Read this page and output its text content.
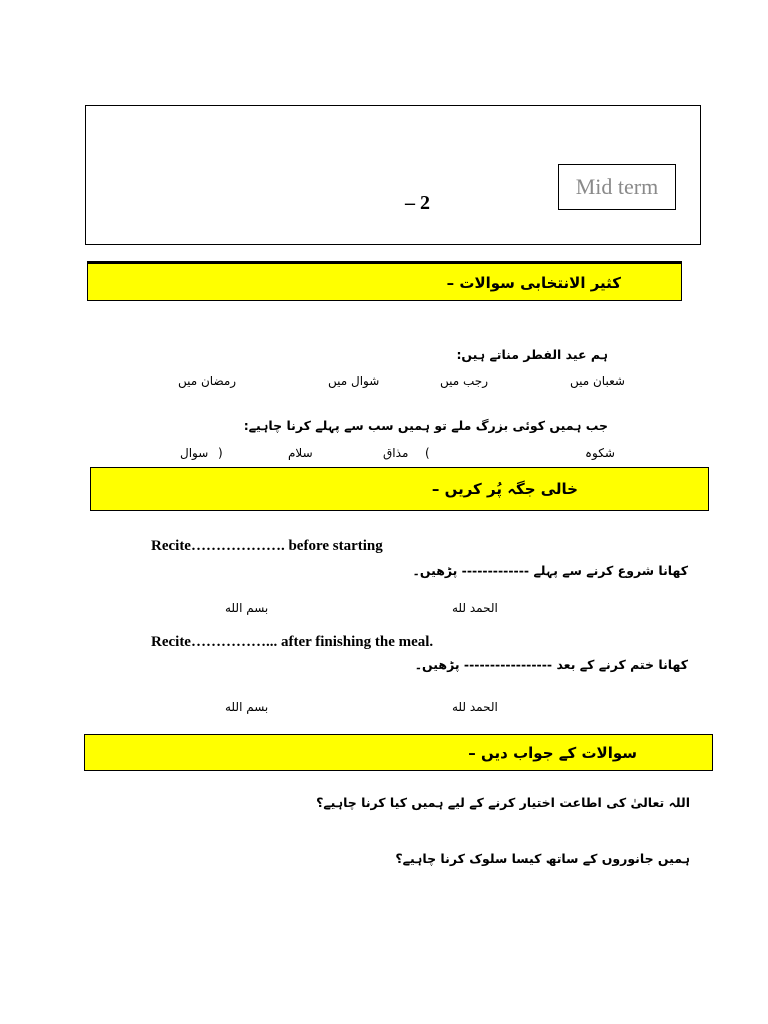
Mid term
– 2
کثیر الانتخابی سوالات –
ہم عید الفطر مناتے ہیں:
شعبان میں
رجب میں
شوال میں
رمضان میں
جب ہمیں کوئی بزرگ ملے تو ہمیں سب سے پہلے کرنا چاہیے:
شکوہ
)
مذاق
سلام
(
سوال
خالی جگہ پُر کریں –
Recite………………. before starting
کھانا شروع کرنے سے پہلے ------------- پڑھیں۔
الحمد لله
بسم الله
Recite……………... after finishing the meal.
کھانا ختم کرنے کے بعد ----------------- پڑھیں۔
الحمد لله
بسم الله
سوالات کے جواب دیں –
اللہ تعالیٰ کی اطاعت اختیار کرنے کے لیے ہمیں کیا کرنا چاہیے؟
ہمیں جانوروں کے ساتھ کیسا سلوک کرنا چاہیے؟
